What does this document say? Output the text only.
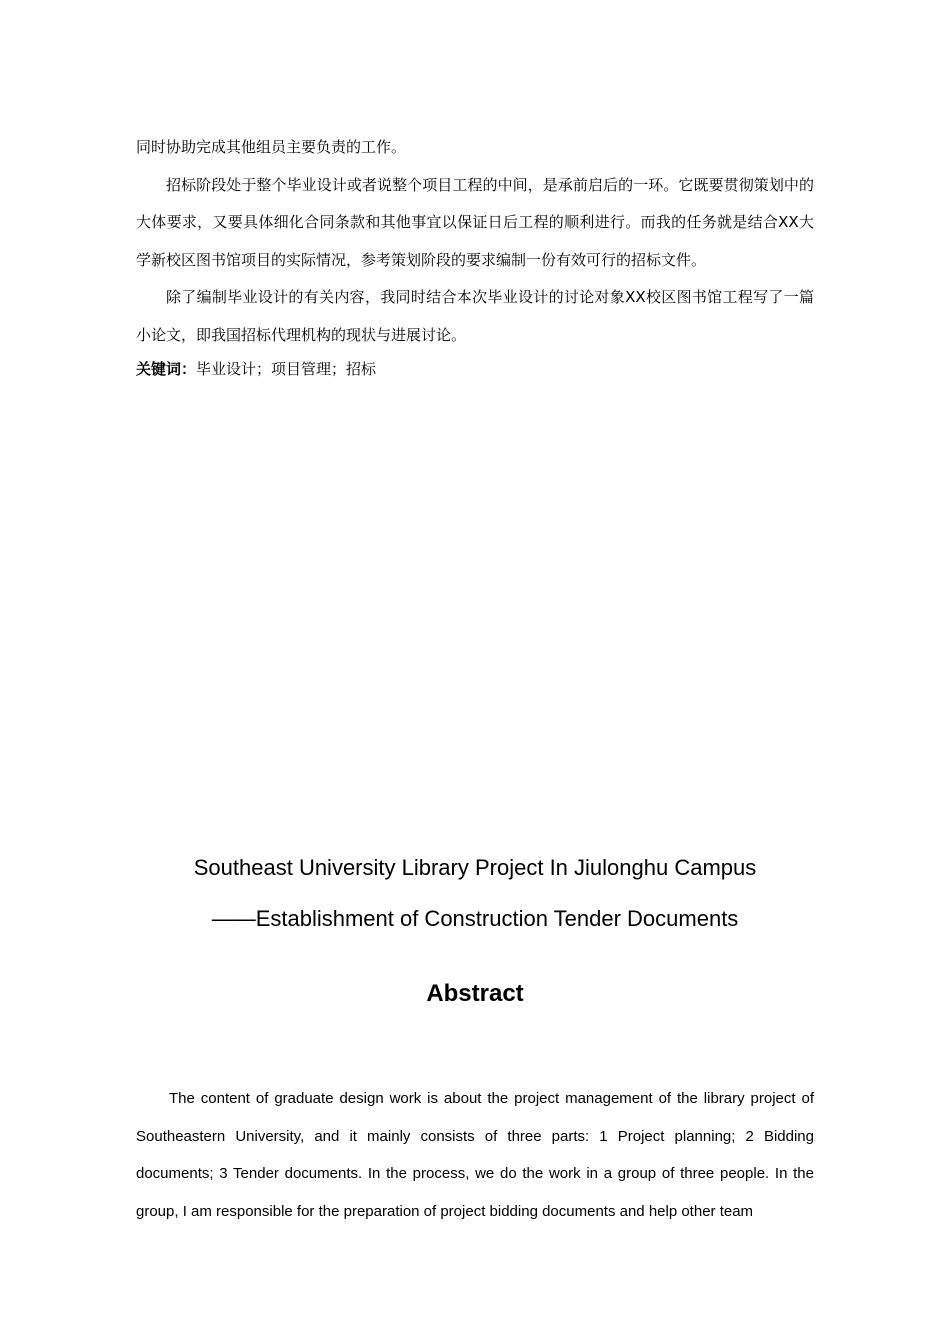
同时协助完成其他组员主要负责的工作。

招标阶段处于整个毕业设计或者说整个项目工程的中间，是承前启后的一环。它既要贯彻策划中的大体要求，又要具体细化合同条款和其他事宜以保证日后工程的顺利进行。而我的任务就是结合XX大学新校区图书馆项目的实际情况，参考策划阶段的要求编制一份有效可行的招标文件。

除了编制毕业设计的有关内容，我同时结合本次毕业设计的讨论对象XX校区图书馆工程写了一篇小论文，即我国招标代理机构的现状与进展讨论。

关键词：毕业设计；项目管理；招标

Southeast University Library Project In Jiulonghu Campus
——Establishment of Construction Tender Documents
Abstract

The content of graduate design work is about the project management of the library project of Southeastern University, and it mainly consists of three parts: 1 Project planning; 2 Bidding documents; 3 Tender documents. In the process, we do the work in a group of three people. In the group, I am responsible for the preparation of project bidding documents and help other team
